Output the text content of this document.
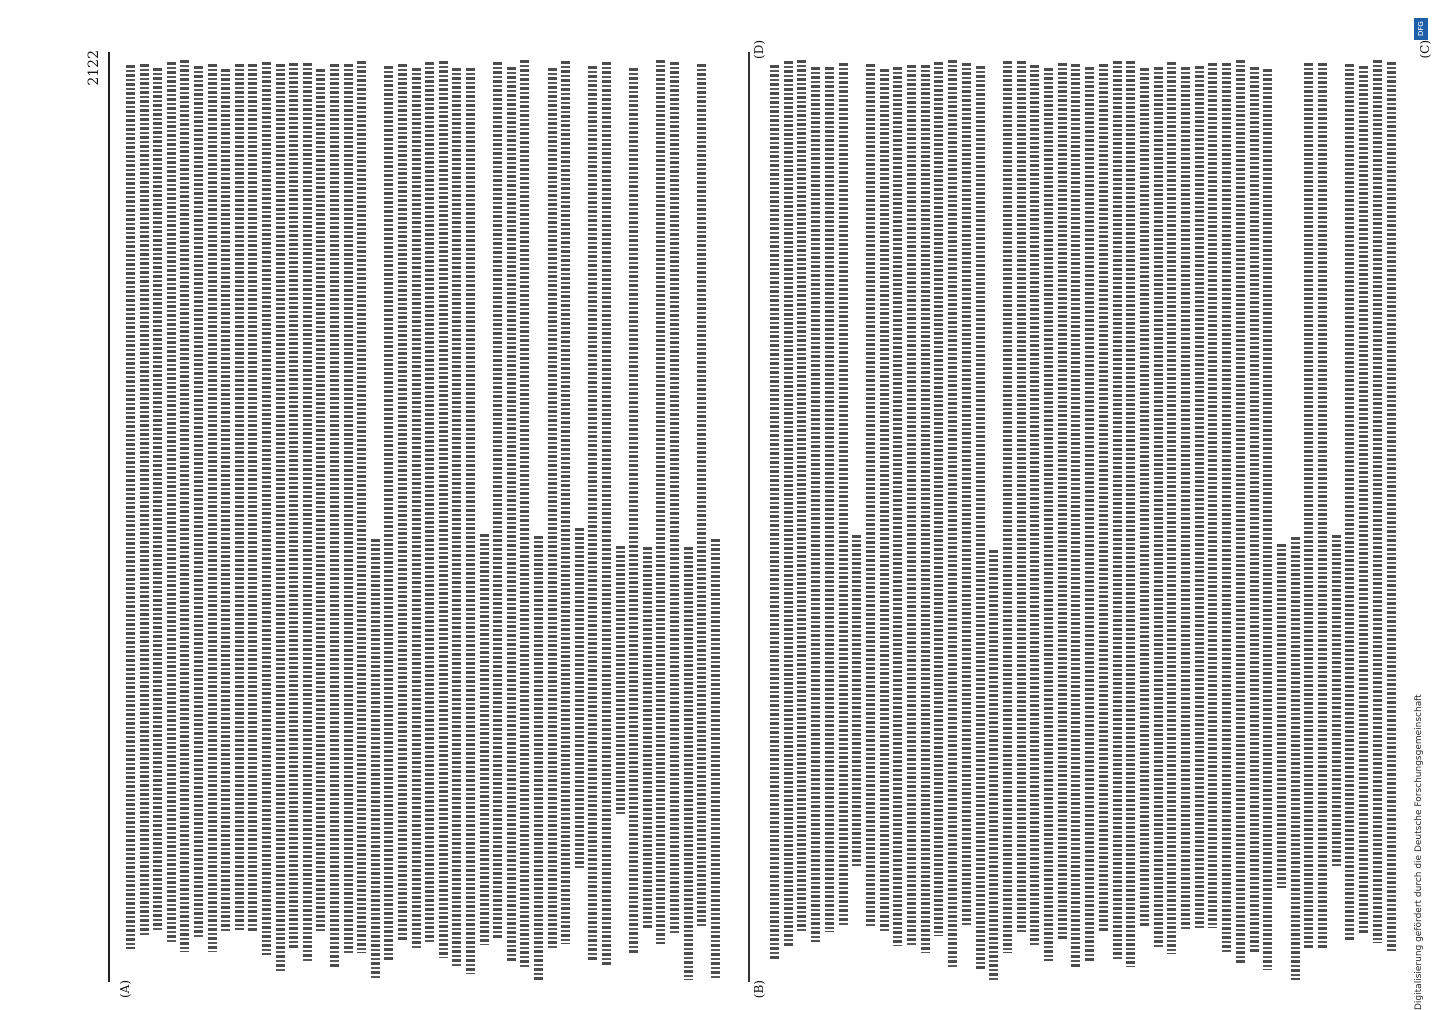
2122
(A)	(B)
(C)
(D)
DFG
Digitalisierung gefördert durch die Deutsche Forschungsgemeinschaft
